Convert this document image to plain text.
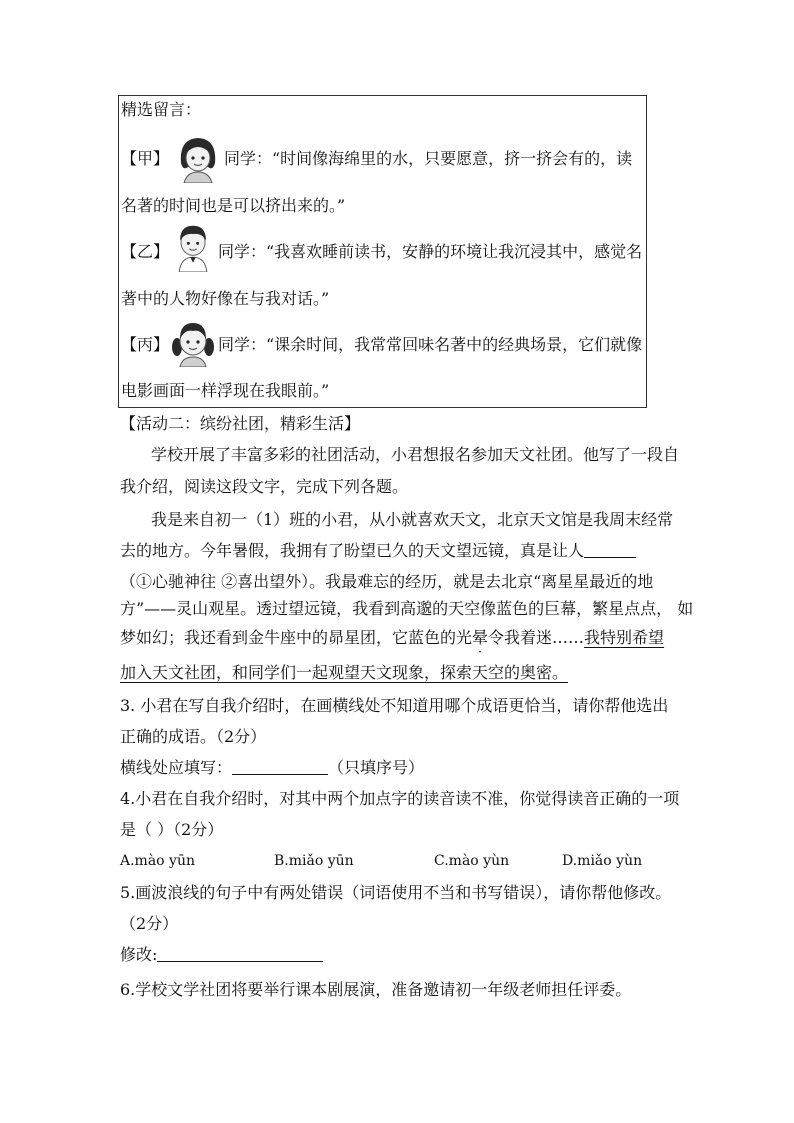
精选留言：
【甲】	同学：“时间像海绵里的水，只要愿意，挤一挤会有的，读
名著的时间也是可以挤出来的。”
【乙】	同学：“我喜欢睡前读书，安静的环境让我沉浸其中，感觉名
著中的人物好像在与我对话。”
【丙】	同学：“课余时间，我常常回味名著中的经典场景，它们就像
电影画面一样浮现在我眼前。”
【活动二：缤纷社团，精彩生活】
学校开展了丰富多彩的社团活动，小君想报名参加天文社团。他写了一段自
我介绍，阅读这段文字，完成下列各题。
我是来自初一（1）班的小君，从小就喜欢天文，北京天文馆是我周末经常
去的地方。今年暑假，我拥有了盼望已久的天文望远镜，真是让人
（①心驰神往 ②喜出望外）。我最难忘的经历，就是去北京“离星星最近的地
方”——灵山观星。透过望远镜，我看到高邈的天空像蓝色的巨幕，繁星点点， 如
梦如幻；我还看到金牛座中的昴星团，它蓝色的光晕令我着迷……我特别希望
加入天文社团，和同学们一起观望天文现象，探索天空的奥密。
3. 小君在写自我介绍时，在画横线处不知道用哪个成语更恰当，请你帮他选出
正确的成语。（2分）
横线处应填写：	（只填序号）
4.小君在自我介绍时，对其中两个加点字的读音读不准，你觉得读音正确的一项
是（ ）（2分）
A.mào yūn	B.miǎo yūn	C.mào yùn	D.miǎo yùn
5.画波浪线的句子中有两处错误（词语使用不当和书写错误），请你帮他修改。
（2分）
修改:
6.学校文学社团将要举行课本剧展演，准备邀请初一年级老师担任评委。
